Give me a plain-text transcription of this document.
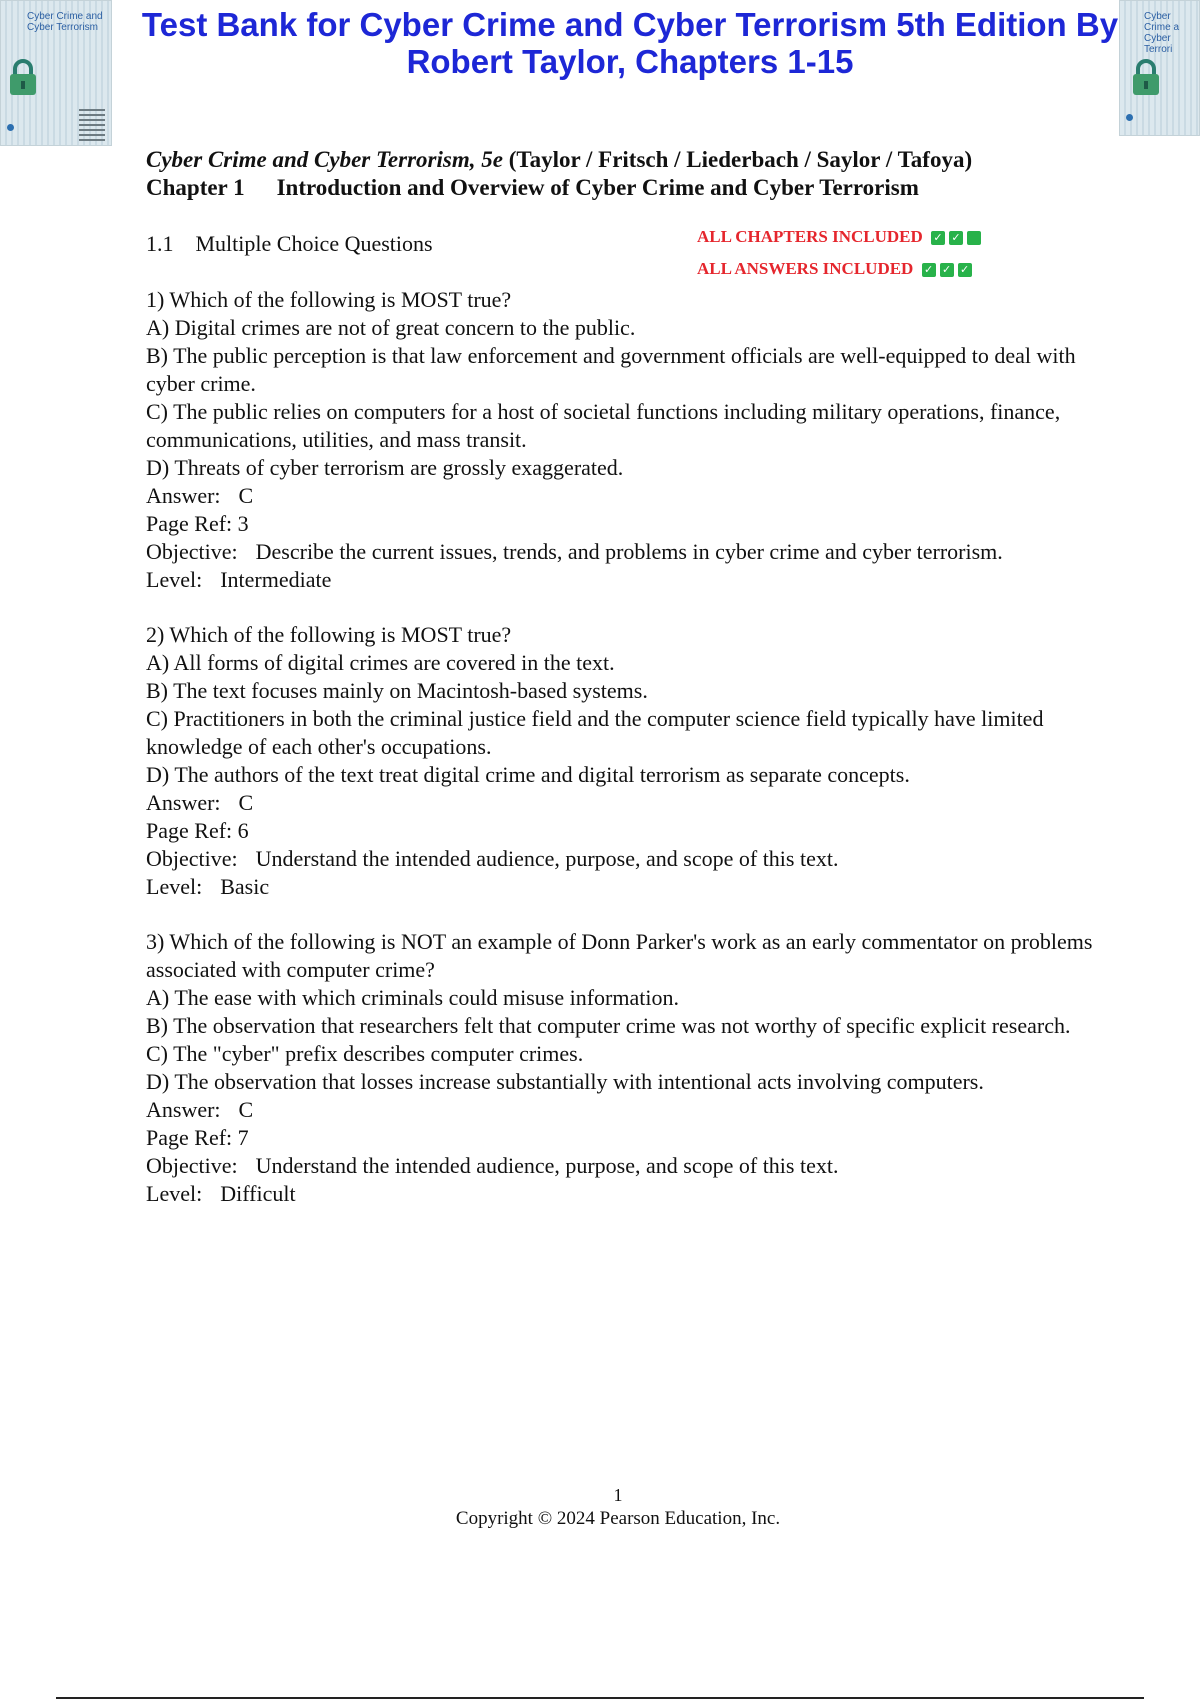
Cyber Crime and
Cyber Terrorism
Cyber Crime a
Cyber Terrori
Test Bank for Cyber Crime and Cyber Terrorism 5th Edition By Robert Taylor, Chapters 1-15
Cyber Crime and Cyber Terrorism, 5e (Taylor / Fritsch / Liederbach / Saylor / Tafoya)
Chapter 1 Introduction and Overview of Cyber Crime and Cyber Terrorism
1.1 Multiple Choice Questions	ALL CHAPTERS INCLUDED ✓ ✓ ■
ALL ANSWERS INCLUDED ✓ ✓ ✓

1) Which of the following is MOST true?

A) Digital crimes are not of great concern to the public.

B) The public perception is that law enforcement and government officials are well-equipped to deal with cyber crime.

C) The public relies on computers for a host of societal functions including military operations, finance, communications, utilities, and mass transit.

D) Threats of cyber terrorism are grossly exaggerated.

Answer: C

Page Ref: 3

Objective: Describe the current issues, trends, and problems in cyber crime and cyber terrorism.

Level: Intermediate

2) Which of the following is MOST true?

A) All forms of digital crimes are covered in the text.

B) The text focuses mainly on Macintosh-based systems.

C) Practitioners in both the criminal justice field and the computer science field typically have limited knowledge of each other's occupations.

D) The authors of the text treat digital crime and digital terrorism as separate concepts.

Answer: C

Page Ref: 6

Objective: Understand the intended audience, purpose, and scope of this text.

Level: Basic

3) Which of the following is NOT an example of Donn Parker's work as an early commentator on problems associated with computer crime?

A) The ease with which criminals could misuse information.

B) The observation that researchers felt that computer crime was not worthy of specific explicit research.

C) The "cyber" prefix describes computer crimes.

D) The observation that losses increase substantially with intentional acts involving computers.

Answer: C

Page Ref: 7

Objective: Understand the intended audience, purpose, and scope of this text.

Level: Difficult

1
Copyright © 2024 Pearson Education, Inc.
